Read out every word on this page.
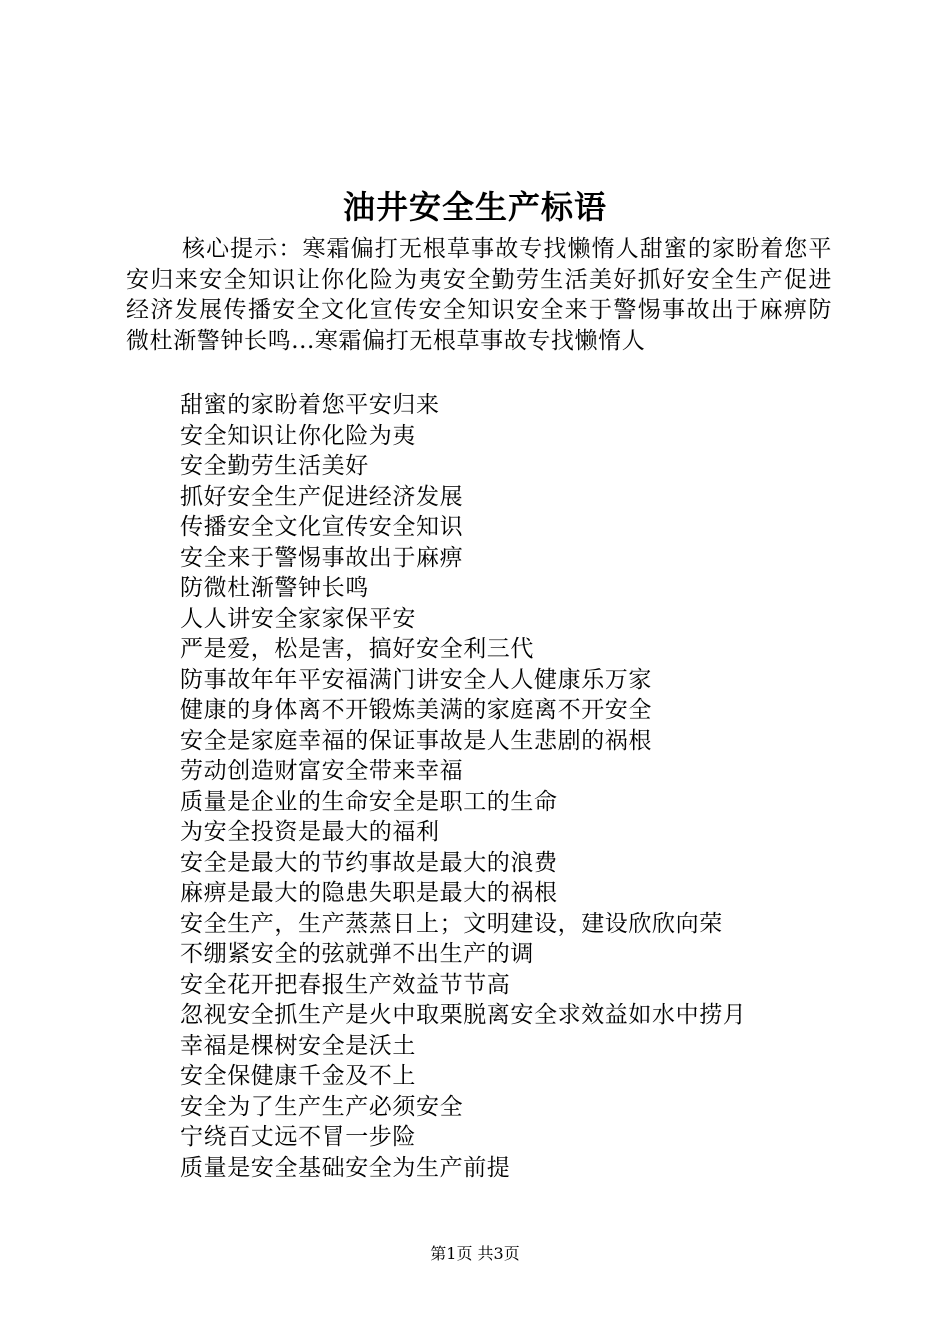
油井安全生产标语

核心提示：寒霜偏打无根草事故专找懒惰人甜蜜的家盼着您平安归来安全知识让你化险为夷安全勤劳生活美好抓好安全生产促进经济发展传播安全文化宣传安全知识安全来于警惕事故出于麻痹防微杜渐警钟长鸣...寒霜偏打无根草事故专找懒惰人

甜蜜的家盼着您平安归来
安全知识让你化险为夷
安全勤劳生活美好
抓好安全生产促进经济发展
传播安全文化宣传安全知识
安全来于警惕事故出于麻痹
防微杜渐警钟长鸣
人人讲安全家家保平安
严是爱，松是害，搞好安全利三代
防事故年年平安福满门讲安全人人健康乐万家
健康的身体离不开锻炼美满的家庭离不开安全
安全是家庭幸福的保证事故是人生悲剧的祸根
劳动创造财富安全带来幸福
质量是企业的生命安全是职工的生命
为安全投资是最大的福利
安全是最大的节约事故是最大的浪费
麻痹是最大的隐患失职是最大的祸根
安全生产，生产蒸蒸日上；文明建设，建设欣欣向荣
不绷紧安全的弦就弹不出生产的调
安全花开把春报生产效益节节高
忽视安全抓生产是火中取栗脱离安全求效益如水中捞月
幸福是棵树安全是沃土
安全保健康千金及不上
安全为了生产生产必须安全
宁绕百丈远不冒一步险
质量是安全基础安全为生产前提
第1页 共3页
